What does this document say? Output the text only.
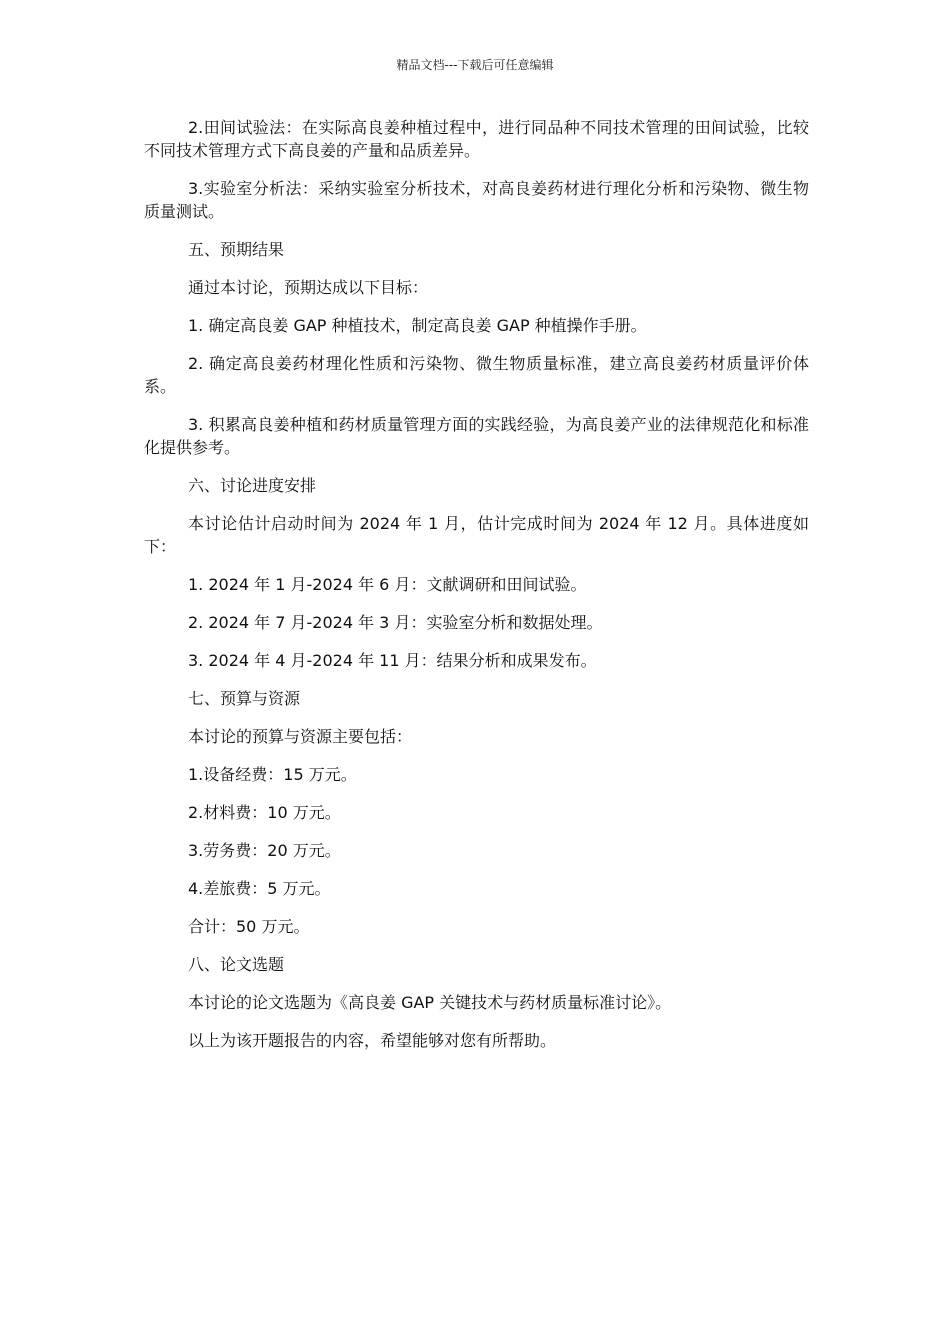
精品文档---下载后可任意编辑

2.田间试验法：在实际高良姜种植过程中，进行同品种不同技术管理的田间试验，比较不同技术管理方式下高良姜的产量和品质差异。

3.实验室分析法：采纳实验室分析技术，对高良姜药材进行理化分析和污染物、微生物质量测试。

五、预期结果

通过本讨论，预期达成以下目标：

1. 确定高良姜 GAP 种植技术，制定高良姜 GAP 种植操作手册。

2. 确定高良姜药材理化性质和污染物、微生物质量标准，建立高良姜药材质量评价体系。

3. 积累高良姜种植和药材质量管理方面的实践经验，为高良姜产业的法律规范化和标准化提供参考。

六、讨论进度安排

本讨论估计启动时间为 2024 年 1 月，估计完成时间为 2024 年 12 月。具体进度如下：

1. 2024 年 1 月-2024 年 6 月：文献调研和田间试验。

2. 2024 年 7 月-2024 年 3 月：实验室分析和数据处理。

3. 2024 年 4 月-2024 年 11 月：结果分析和成果发布。

七、预算与资源

本讨论的预算与资源主要包括：

1.设备经费：15 万元。

2.材料费：10 万元。

3.劳务费：20 万元。

4.差旅费：5 万元。

合计：50 万元。

八、论文选题

本讨论的论文选题为《高良姜 GAP 关键技术与药材质量标准讨论》。

以上为该开题报告的内容，希望能够对您有所帮助。
